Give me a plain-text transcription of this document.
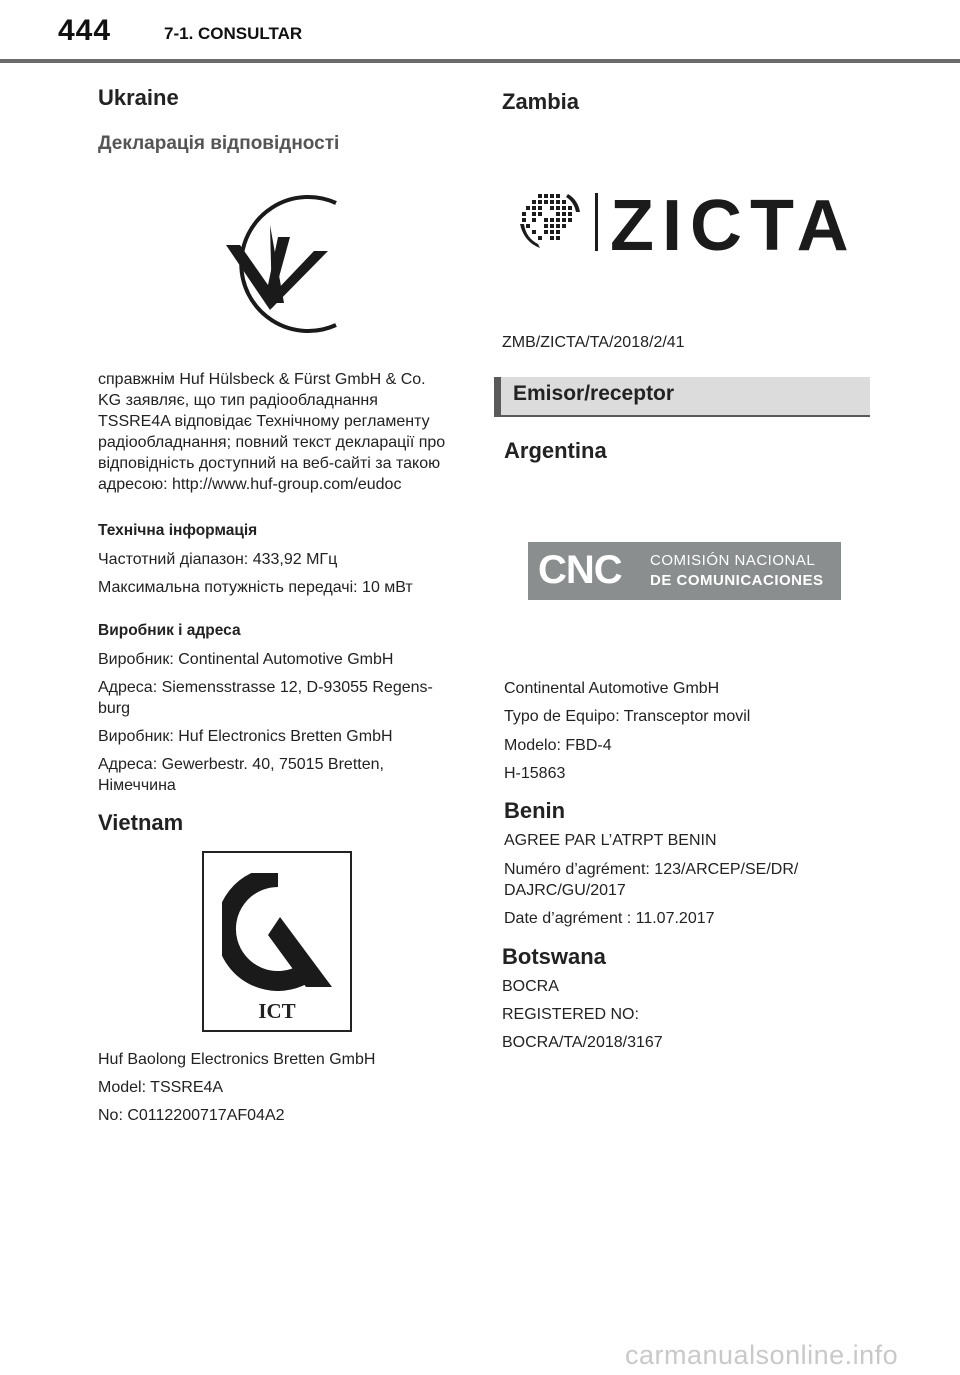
444	7-1. CONSULTAR
Ukraine
Декларація відповідності

справжнім Huf Hülsbeck & Fürst GmbH & Co.

KG заявляє, що тип радіообладнання

TSSRE4A відповідає Технічному регламенту

радіообладнання; повний текст декларації про

відповідність доступний на веб-сайті за такою

адресою: http://www.huf-group.com/eudoc

Технічна інформація
Частотний діапазон: 433,92 МГц
Максимальна потужність передачі: 10 мВт
Виробник і адреса
Виробник: Continental Automotive GmbH
Адреса: Siemensstrasse 12, D-93055 Regens-
burg
Виробник: Huf Electronics Bretten GmbH
Адреса: Gewerbestr. 40, 75015 Bretten,
Німеччина
Vietnam
ICT
Huf Baolong Electronics Bretten GmbH
Model: TSSRE4A
No: C0112200717AF04A2
Zambia
ZICTA
ZMB/ZICTA/TA/2018/2/41
Emisor/receptor
Argentina
CNC COMISIÓN NACIONAL
DE COMUNICACIONES
Continental Automotive GmbH
Typo de Equipo: Transceptor movil
Modelo: FBD-4
H-15863
Benin
AGREE PAR L’ATRPT BENIN
Numéro d’agrément: 123/ARCEP/SE/DR/
DAJRC/GU/2017
Date d’agrément : 11.07.2017
Botswana
BOCRA
REGISTERED NO:
BOCRA/TA/2018/3167
carmanualsonline.info
